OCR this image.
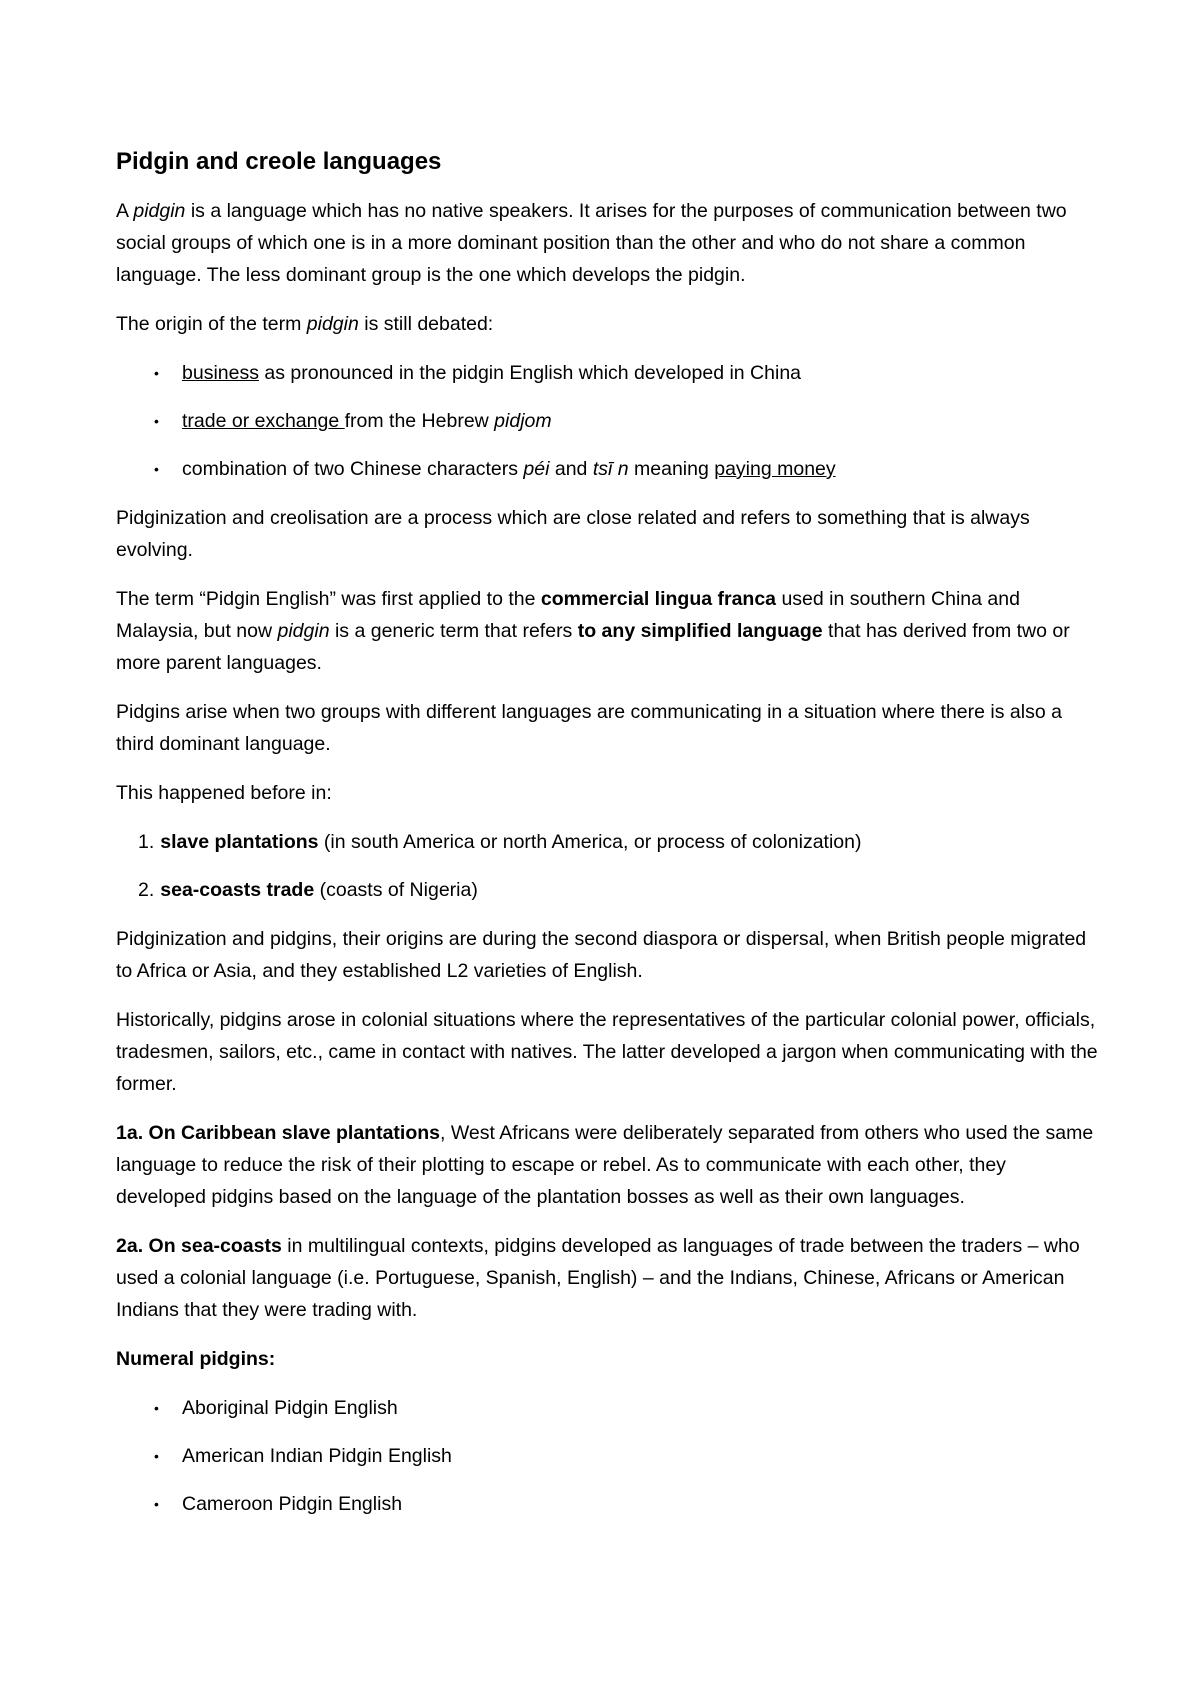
Pidgin and creole languages

A pidgin is a language which has no native speakers. It arises for the purposes of communication between two social groups of which one is in a more dominant position than the other and who do not share a common language. The less dominant group is the one which develops the pidgin.

The origin of the term pidgin is still debated:

•	business as pronounced in the pidgin English which developed in China
•	trade or exchange from the Hebrew pidjom
•	combination of two Chinese characters péi and tsī n meaning paying money

Pidginization and creolisation are a process which are close related and refers to something that is always evolving.

The term “Pidgin English” was first applied to the commercial lingua franca used in southern China and Malaysia, but now pidgin is a generic term that refers to any simplified language that has derived from two or more parent languages.

Pidgins arise when two groups with different languages are communicating in a situation where there is also a third dominant language.

This happened before in:

1. slave plantations (in south America or north America, or process of colonization)
2. sea-coasts trade (coasts of Nigeria)

Pidginization and pidgins, their origins are during the second diaspora or dispersal, when British people migrated to Africa or Asia, and they established L2 varieties of English.

Historically, pidgins arose in colonial situations where the representatives of the particular colonial power, officials, tradesmen, sailors, etc., came in contact with natives. The latter developed a jargon when communicating with the former.

1a. On Caribbean slave plantations, West Africans were deliberately separated from others who used the same language to reduce the risk of their plotting to escape or rebel. As to communicate with each other, they developed pidgins based on the language of the plantation bosses as well as their own languages.

2a. On sea-coasts in multilingual contexts, pidgins developed as languages of trade between the traders – who used a colonial language (i.e. Portuguese, Spanish, English) – and the Indians, Chinese, Africans or American Indians that they were trading with.

Numeral pidgins:

•	Aboriginal Pidgin English
•	American Indian Pidgin English
•	Cameroon Pidgin English
